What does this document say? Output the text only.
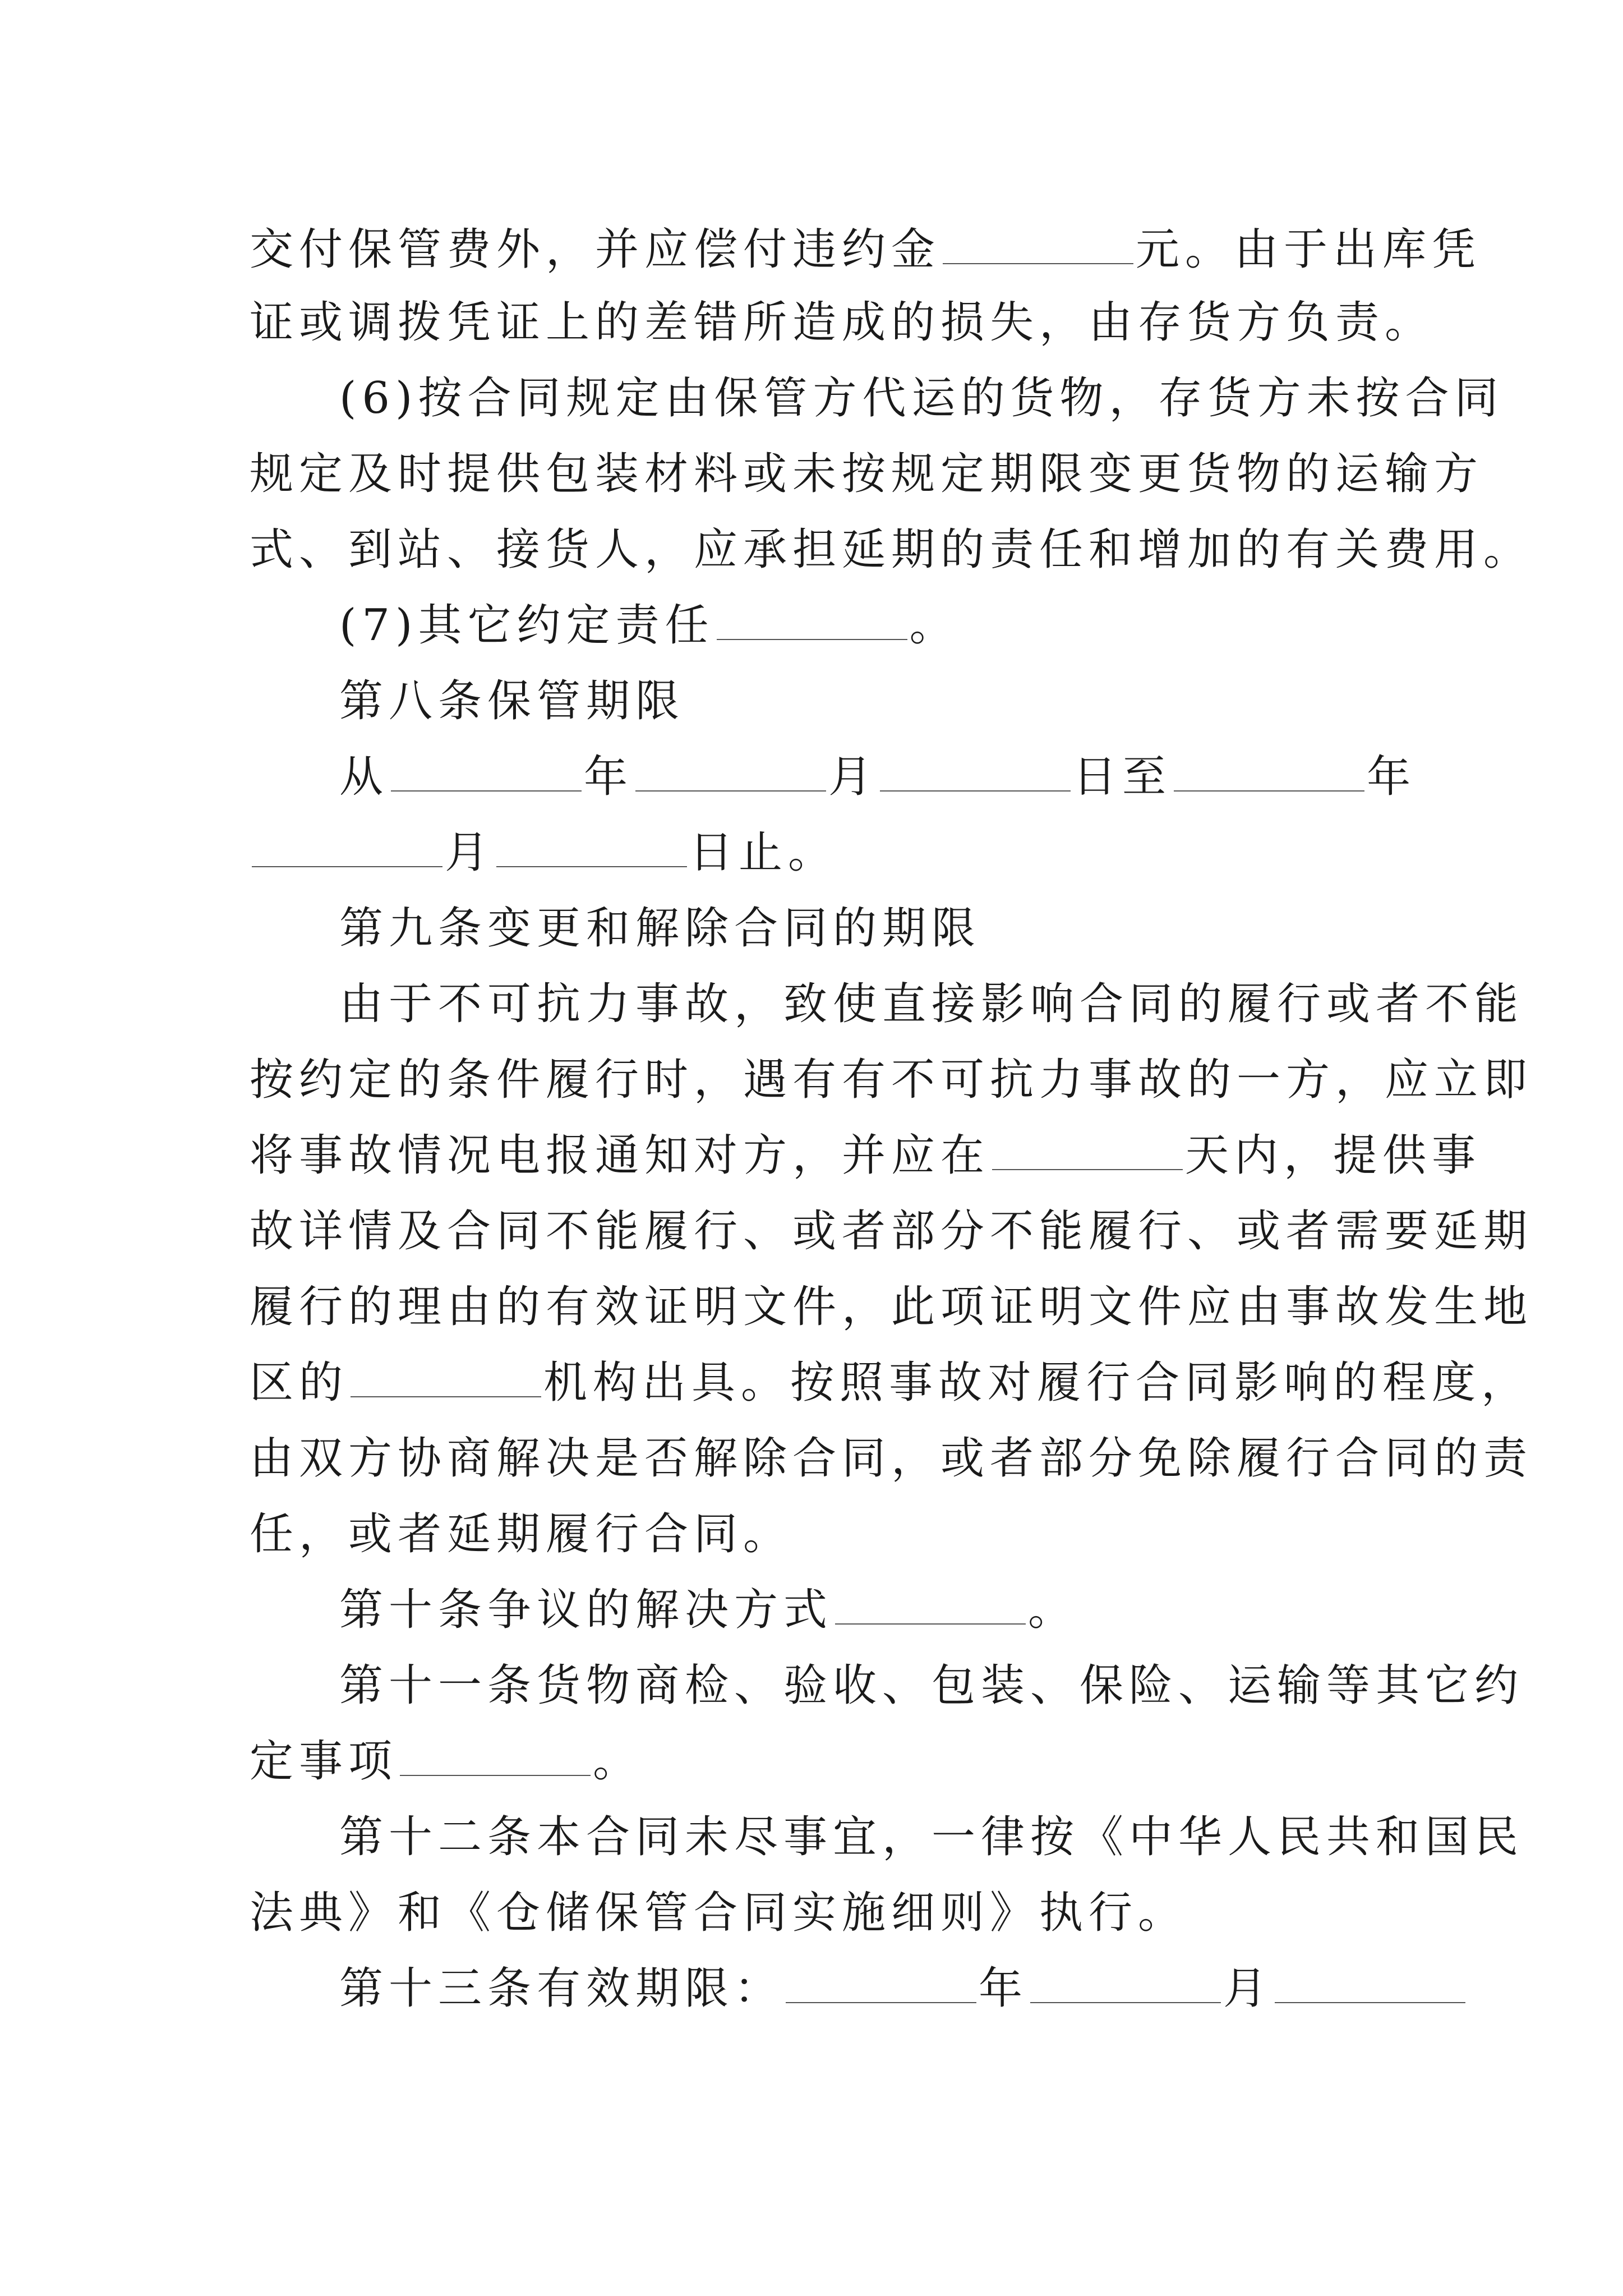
交付保管费外，并应偿付违约金	元。由于出库凭
证或调拨凭证上的差错所造成的损失，由存货方负责。
(6)按合同规定由保管方代运的货物，存货方未按合同
规定及时提供包装材料或未按规定期限变更货物的运输方
式、到站、接货人，应承担延期的责任和增加的有关费用。
(7)其它约定责任	。
第八条保管期限
从	年	月	日至	年
月	日止。
第九条变更和解除合同的期限
由于不可抗力事故，致使直接影响合同的履行或者不能
按约定的条件履行时，遇有有不可抗力事故的一方，应立即
将事故情况电报通知对方，并应在	天内，提供事
故详情及合同不能履行、或者部分不能履行、或者需要延期
履行的理由的有效证明文件，此项证明文件应由事故发生地
区的	机构出具。按照事故对履行合同影响的程度，
由双方协商解决是否解除合同，或者部分免除履行合同的责
任，或者延期履行合同。
第十条争议的解决方式	。
第十一条货物商检、验收、包装、保险、运输等其它约
定事项	。
第十二条本合同未尽事宜，一律按《中华人民共和国民
法典》和《仓储保管合同实施细则》执行。
第十三条有效期限：	年	月
